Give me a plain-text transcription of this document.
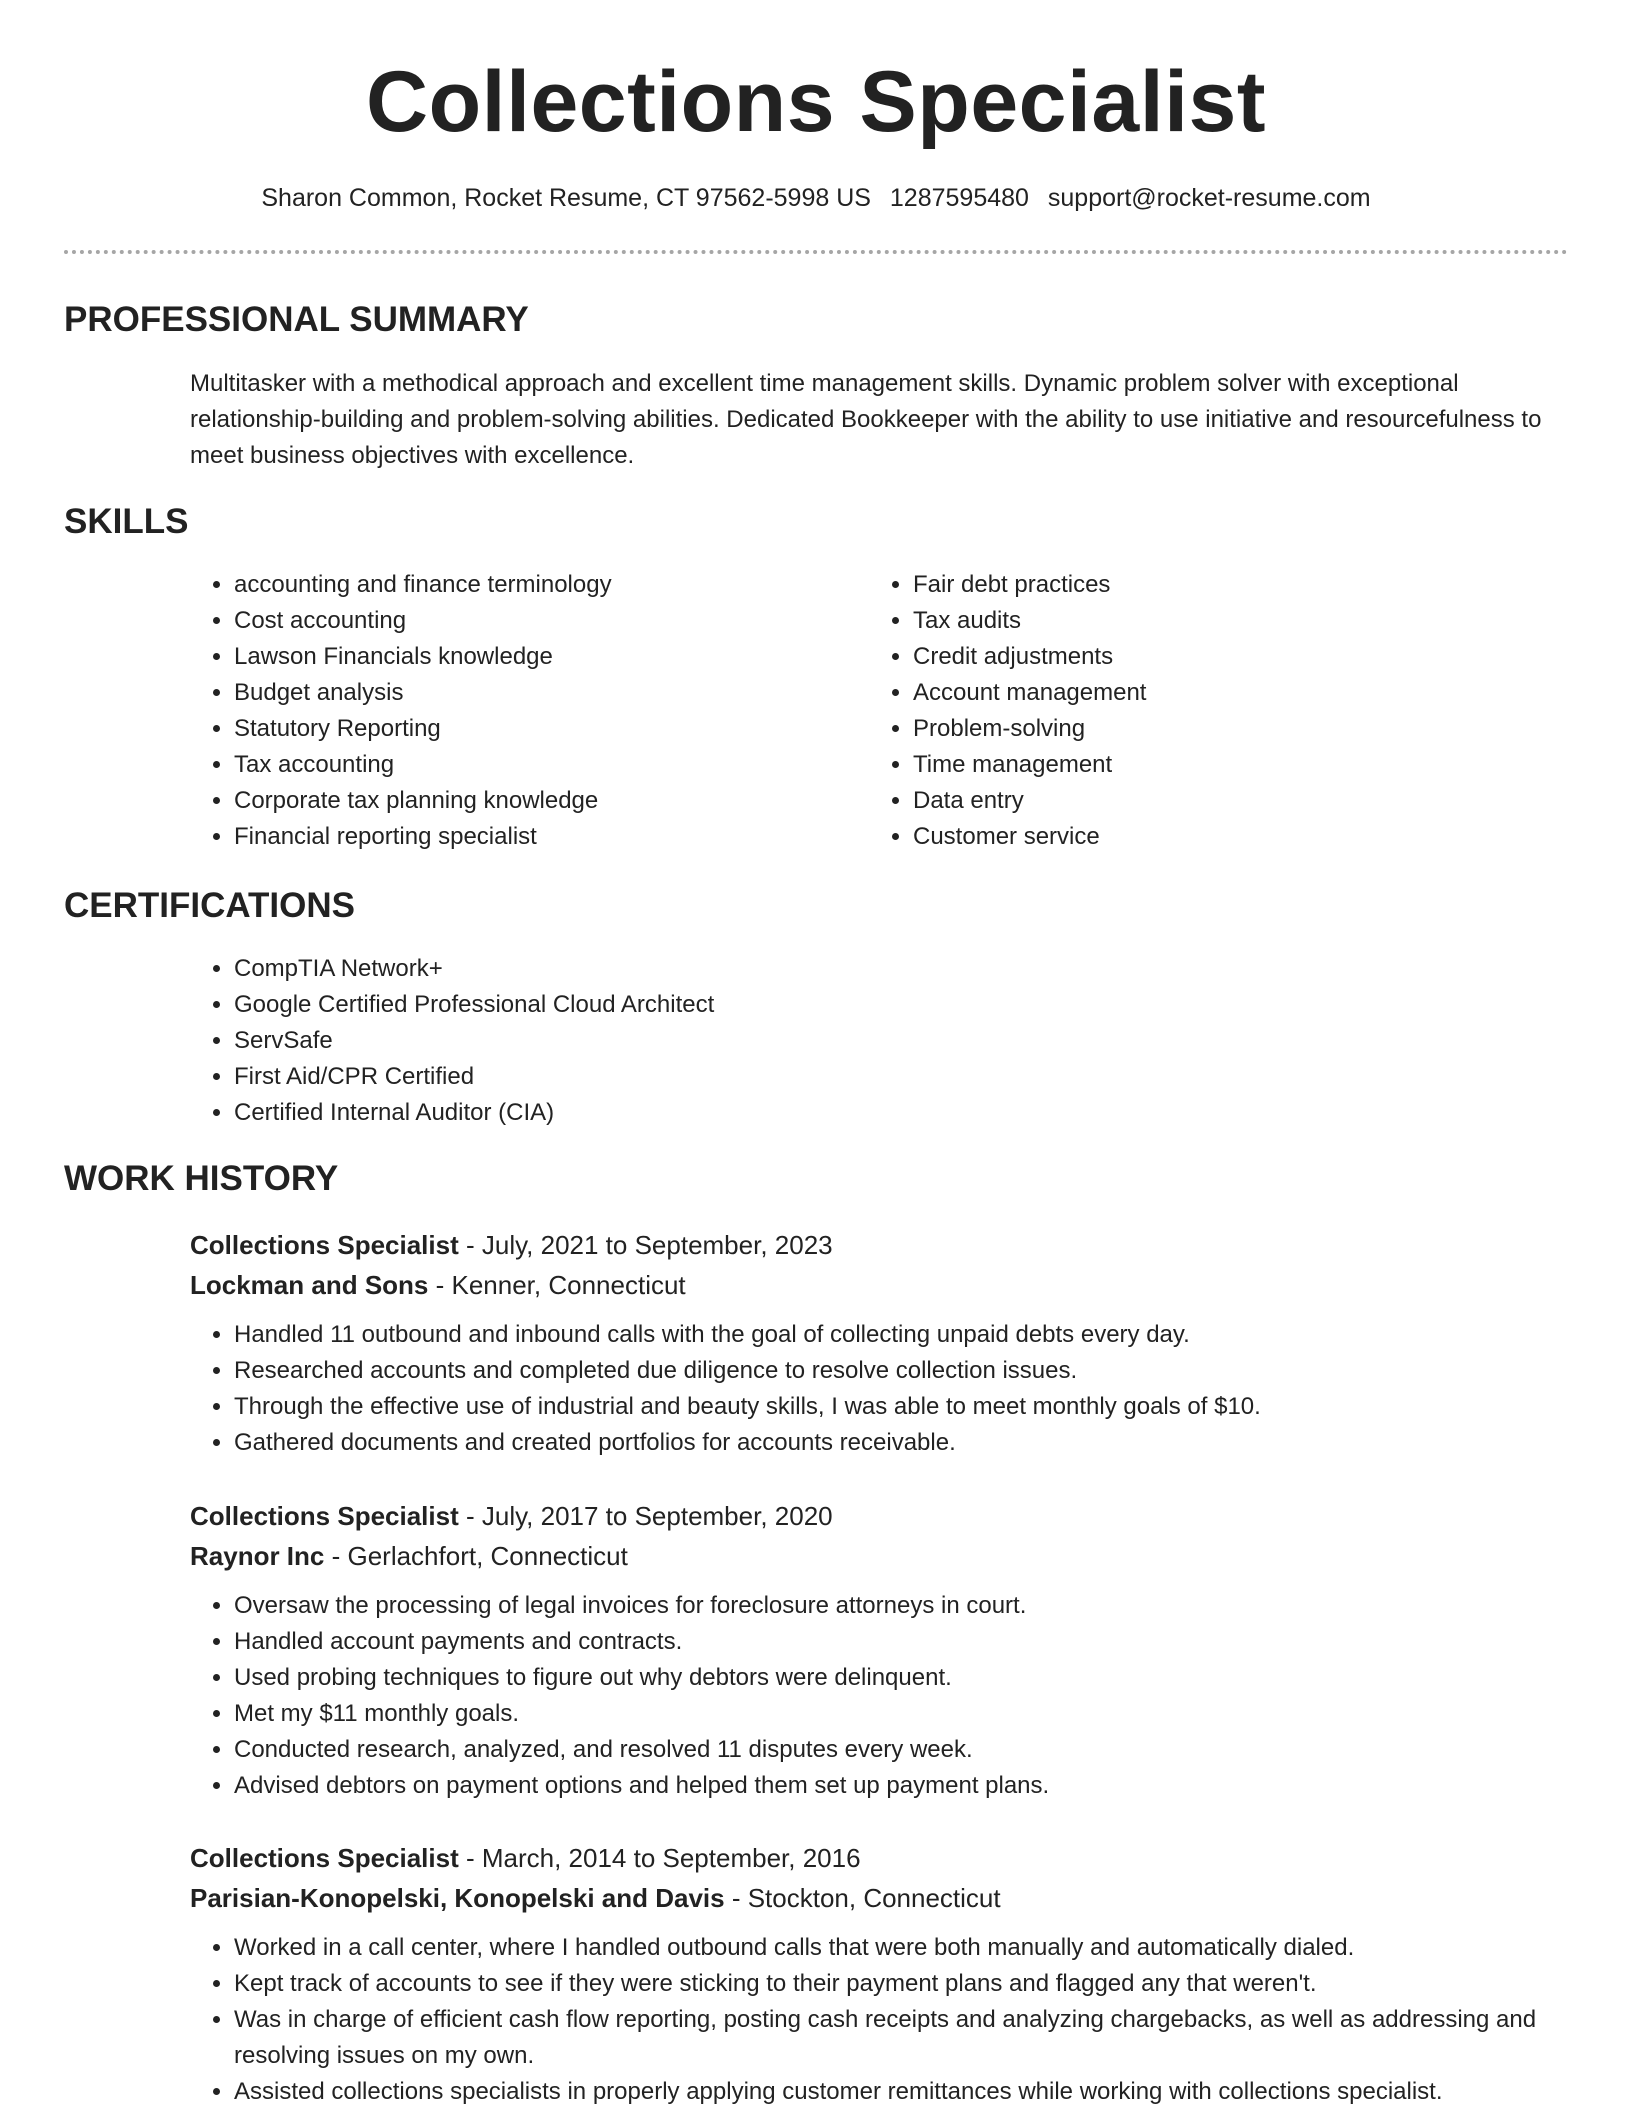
Collections Specialist
Sharon Common, Rocket Resume, CT 97562-5998 US 1287595480 support@rocket-resume.com
PROFESSIONAL SUMMARY

Multitasker with a methodical approach and excellent time management skills. Dynamic problem solver with exceptional relationship-building and problem-solving abilities. Dedicated Bookkeeper with the ability to use initiative and resourcefulness to meet business objectives with excellence.

SKILLS
• accounting and finance terminology
• Cost accounting
• Lawson Financials knowledge
• Budget analysis
• Statutory Reporting
• Tax accounting
• Corporate tax planning knowledge
• Financial reporting specialist
• Fair debt practices
• Tax audits
• Credit adjustments
• Account management
• Problem-solving
• Time management
• Data entry
• Customer service
CERTIFICATIONS
• CompTIA Network+
• Google Certified Professional Cloud Architect
• ServSafe
• First Aid/CPR Certified
• Certified Internal Auditor (CIA)
WORK HISTORY

Collections Specialist - July, 2021 to September, 2023

Lockman and Sons - Kenner, Connecticut

• Handled 11 outbound and inbound calls with the goal of collecting unpaid debts every day.
• Researched accounts and completed due diligence to resolve collection issues.
• Through the effective use of industrial and beauty skills, I was able to meet monthly goals of $10.
• Gathered documents and created portfolios for accounts receivable.

Collections Specialist - July, 2017 to September, 2020

Raynor Inc - Gerlachfort, Connecticut

• Oversaw the processing of legal invoices for foreclosure attorneys in court.
• Handled account payments and contracts.
• Used probing techniques to figure out why debtors were delinquent.
• Met my $11 monthly goals.
• Conducted research, analyzed, and resolved 11 disputes every week.
• Advised debtors on payment options and helped them set up payment plans.

Collections Specialist - March, 2014 to September, 2016

Parisian-Konopelski, Konopelski and Davis - Stockton, Connecticut

• Worked in a call center, where I handled outbound calls that were both manually and automatically dialed.
• Kept track of accounts to see if they were sticking to their payment plans and flagged any that weren't.
• Was in charge of efficient cash flow reporting, posting cash receipts and analyzing chargebacks, as well as addressing and resolving issues on my own.
• Assisted collections specialists in properly applying customer remittances while working with collections specialist.
